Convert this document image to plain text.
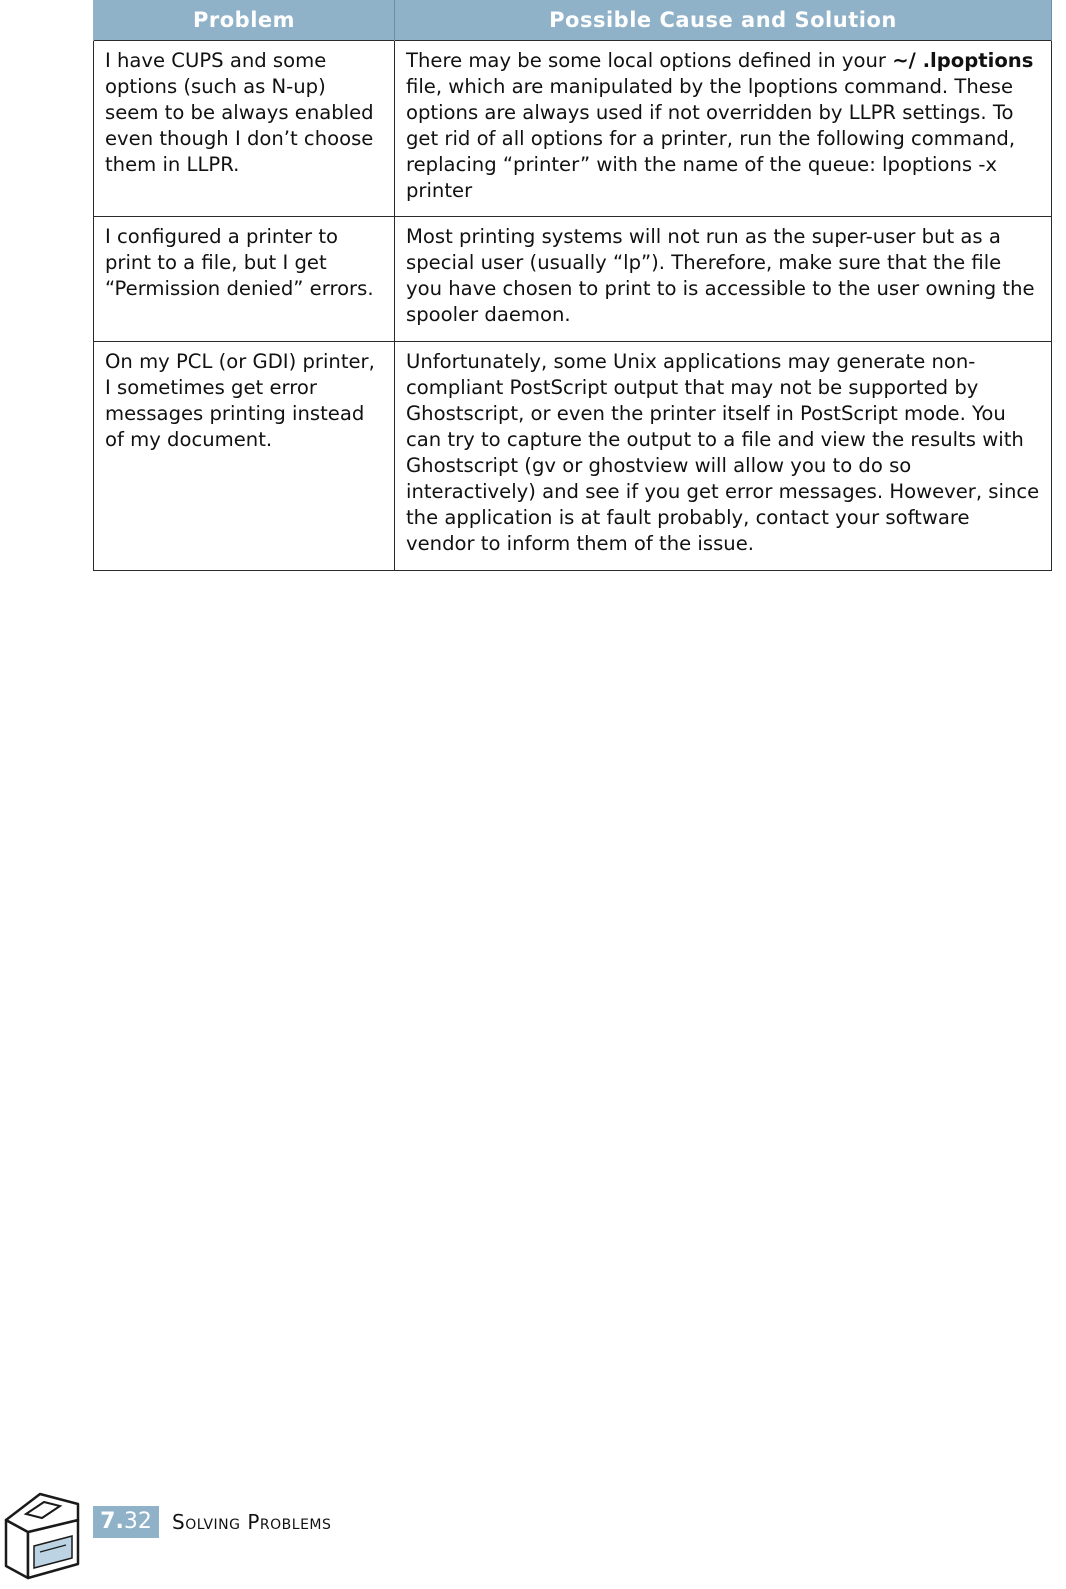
Problem	Possible Cause and Solution
I have CUPS and some options (such as N-up) seem to be always enabled even though I don’t choose them in LLPR.	There may be some local options defined in your ~/ .lpoptions file, which are manipulated by the lpoptions command. These options are always used if not overridden by LLPR settings. To get rid of all options for a printer, run the following command, replacing “printer” with the name of the queue: lpoptions -x printer
I configured a printer to print to a file, but I get “Permission denied” errors.	Most printing systems will not run as the super-user but as a special user (usually “lp”). Therefore, make sure that the file you have chosen to print to is accessible to the user owning the spooler daemon.
On my PCL (or GDI) printer, I sometimes get error messages printing instead of my document.	Unfortunately, some Unix applications may generate non-compliant PostScript output that may not be supported by Ghostscript, or even the printer itself in PostScript mode. You can try to capture the output to a file and view the results with Ghostscript (gv or ghostview will allow you to do so interactively) and see if you get error messages. However, since the application is at fault probably, contact your software vendor to inform them of the issue.
7.32	Solving Problems
